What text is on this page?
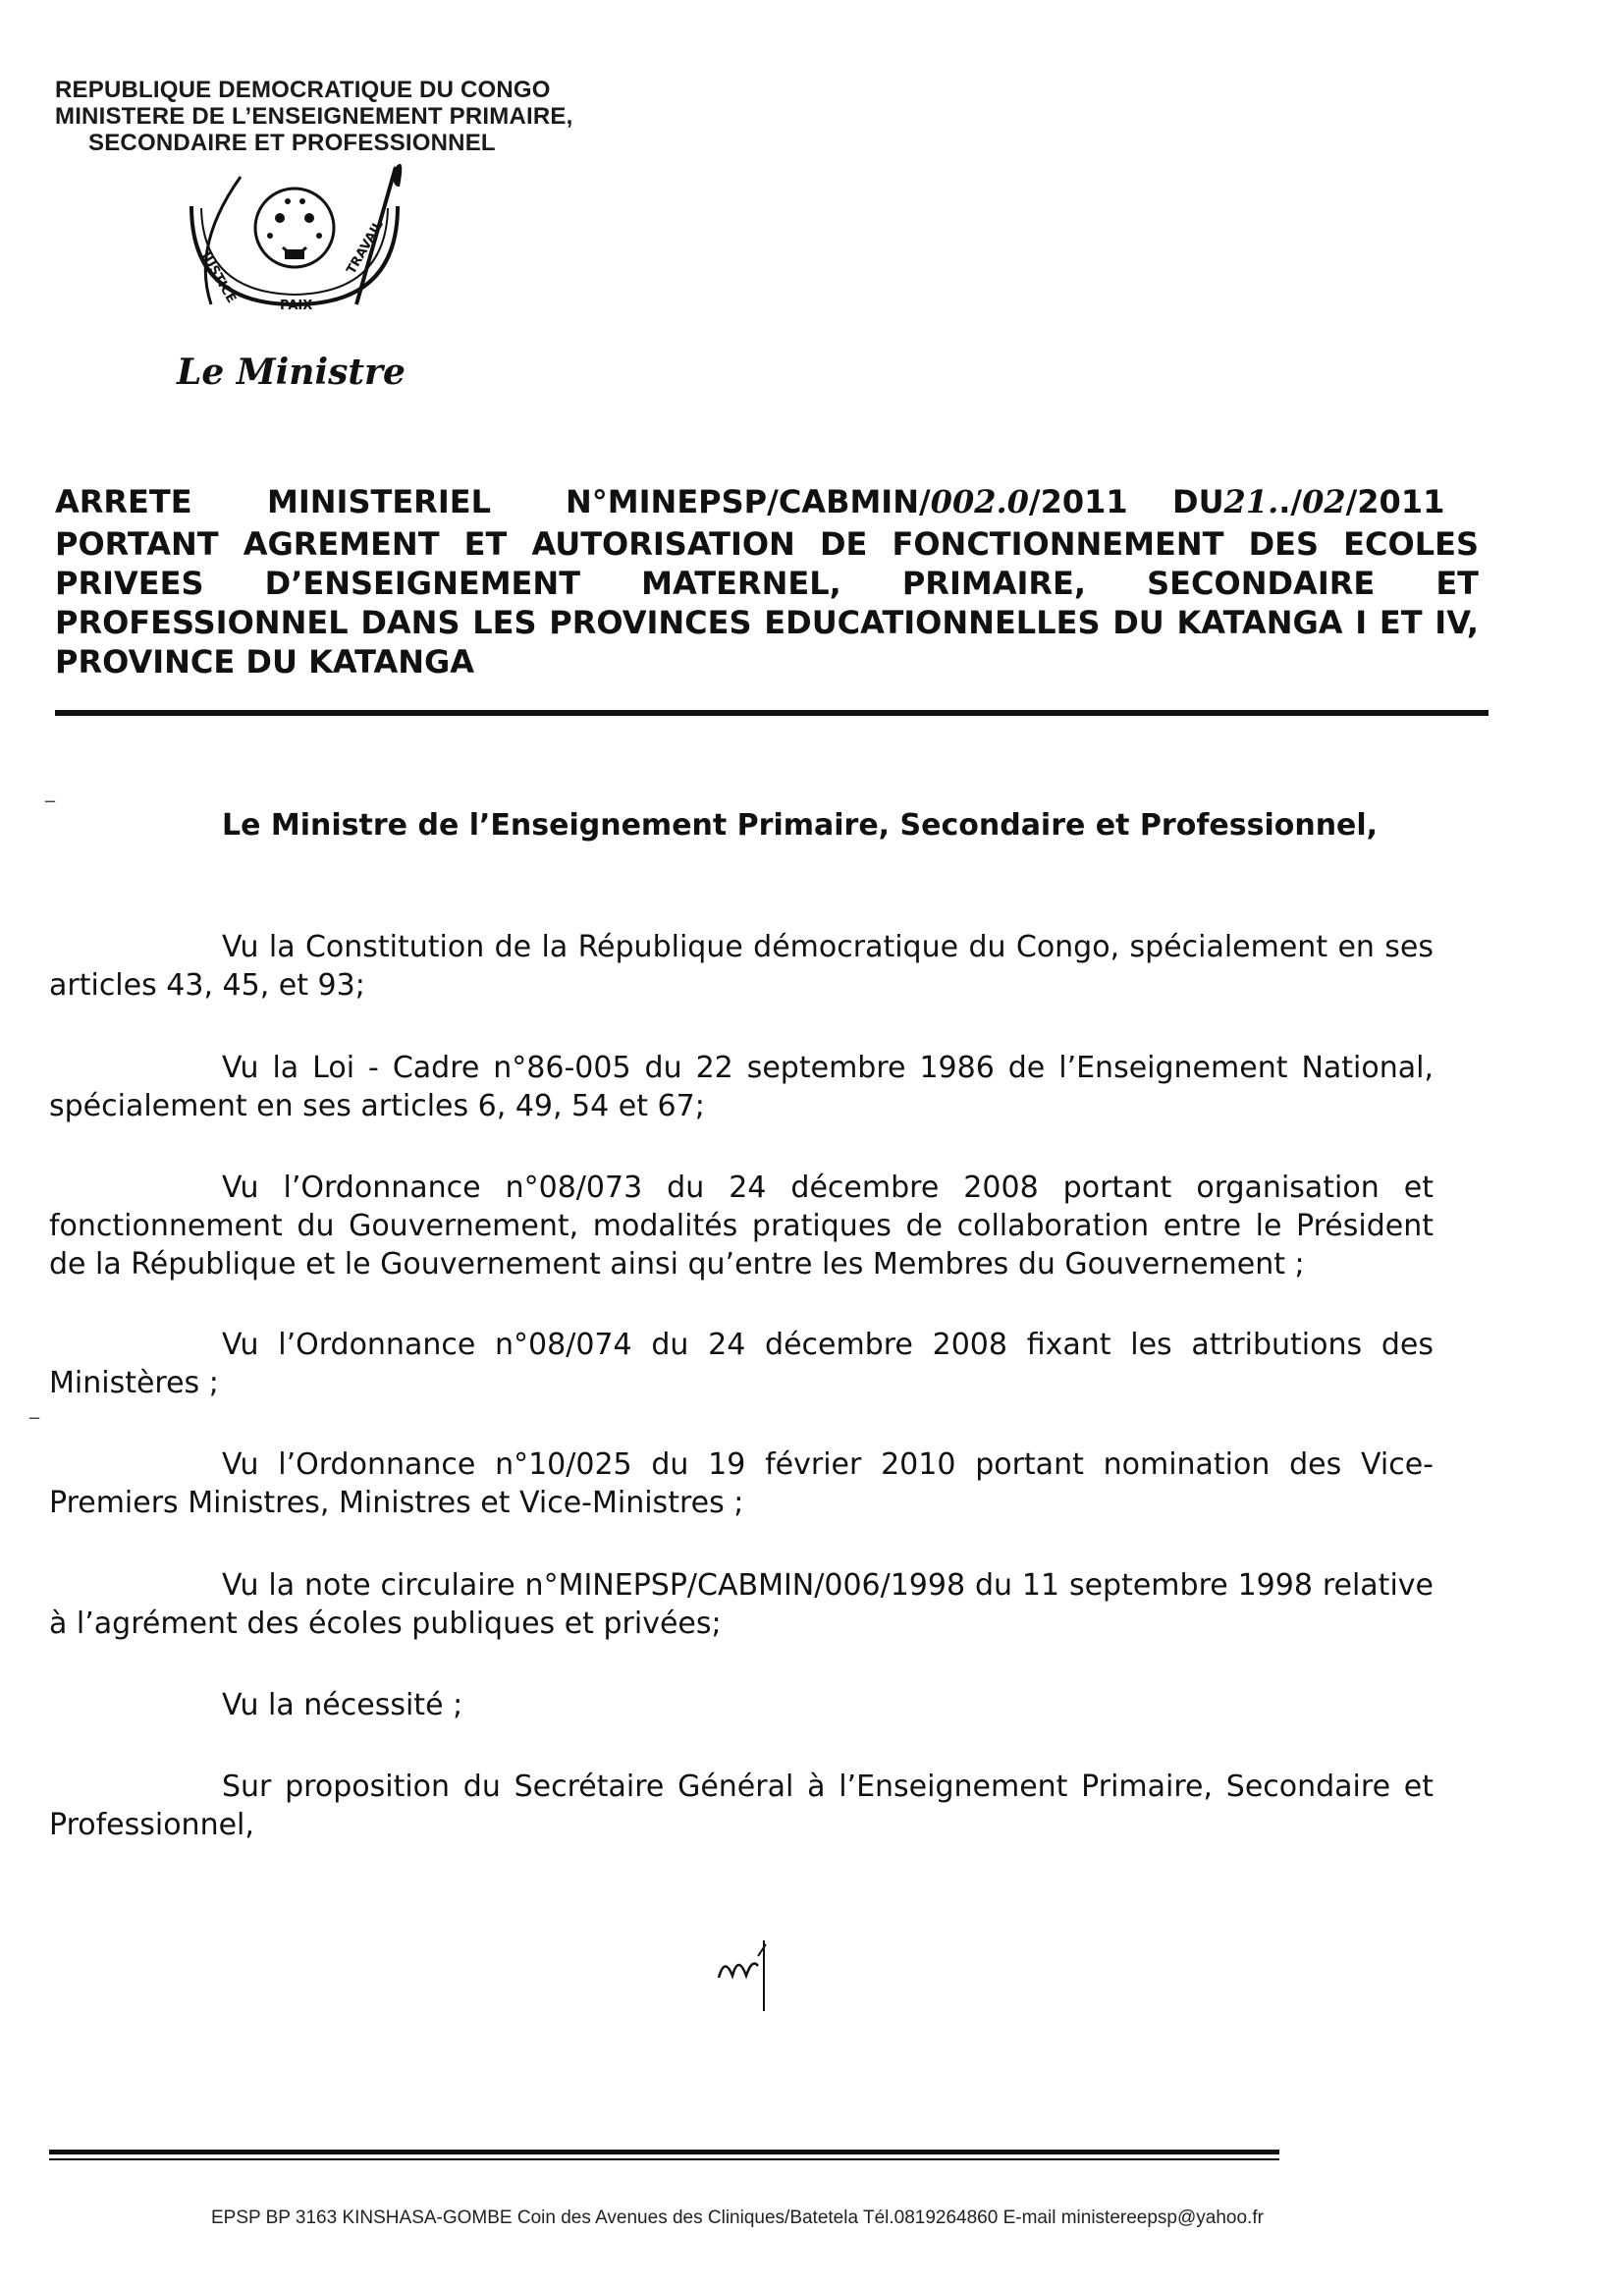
REPUBLIQUE DEMOCRATIQUE DU CONGO
MINISTERE DE L’ENSEIGNEMENT PRIMAIRE,
SECONDAIRE ET PROFESSIONNEL
JUSTICE
PAIX
TRAVAIL
Le Ministre
ARRETE MINISTERIEL N°MINEPSP/CABMIN/002.0/2011 DU21../02/2011
PORTANT AGREMENT ET AUTORISATION DE FONCTIONNEMENT DES ECOLES PRIVEES D’ENSEIGNEMENT MATERNEL, PRIMAIRE, SECONDAIRE ET PROFESSIONNEL DANS LES PROVINCES EDUCATIONNELLES DU KATANGA I ET IV,
PROVINCE DU KATANGA
‾	Le Ministre de l’Enseignement Primaire, Secondaire et Professionnel,
Vu la Constitution de la République démocratique du Congo, spécialement en ses articles 43, 45, et 93;
Vu la Loi - Cadre n°86-005 du 22 septembre 1986 de l’Enseignement National, spécialement en ses articles 6, 49, 54 et 67;
Vu l’Ordonnance n°08/073 du 24 décembre 2008 portant organisation et fonctionnement du Gouvernement, modalités pratiques de collaboration entre le Président de la République et le Gouvernement ainsi qu’entre les Membres du Gouvernement ;
Vu l’Ordonnance n°08/074 du 24 décembre 2008 fixant les attributions des Ministères ;
‾
Vu l’Ordonnance n°10/025 du 19 février 2010 portant nomination des Vice-Premiers Ministres, Ministres et Vice-Ministres ;
Vu la note circulaire n°MINEPSP/CABMIN/006/1998 du 11 septembre 1998 relative à l’agrément des écoles publiques et privées;
Vu la nécessité ;
Sur proposition du Secrétaire Général à l’Enseignement Primaire, Secondaire et Professionnel,
EPSP BP 3163 KINSHASA-GOMBE Coin des Avenues des Cliniques/Batetela Tél.0819264860 E-mail ministereepsp@yahoo.fr
